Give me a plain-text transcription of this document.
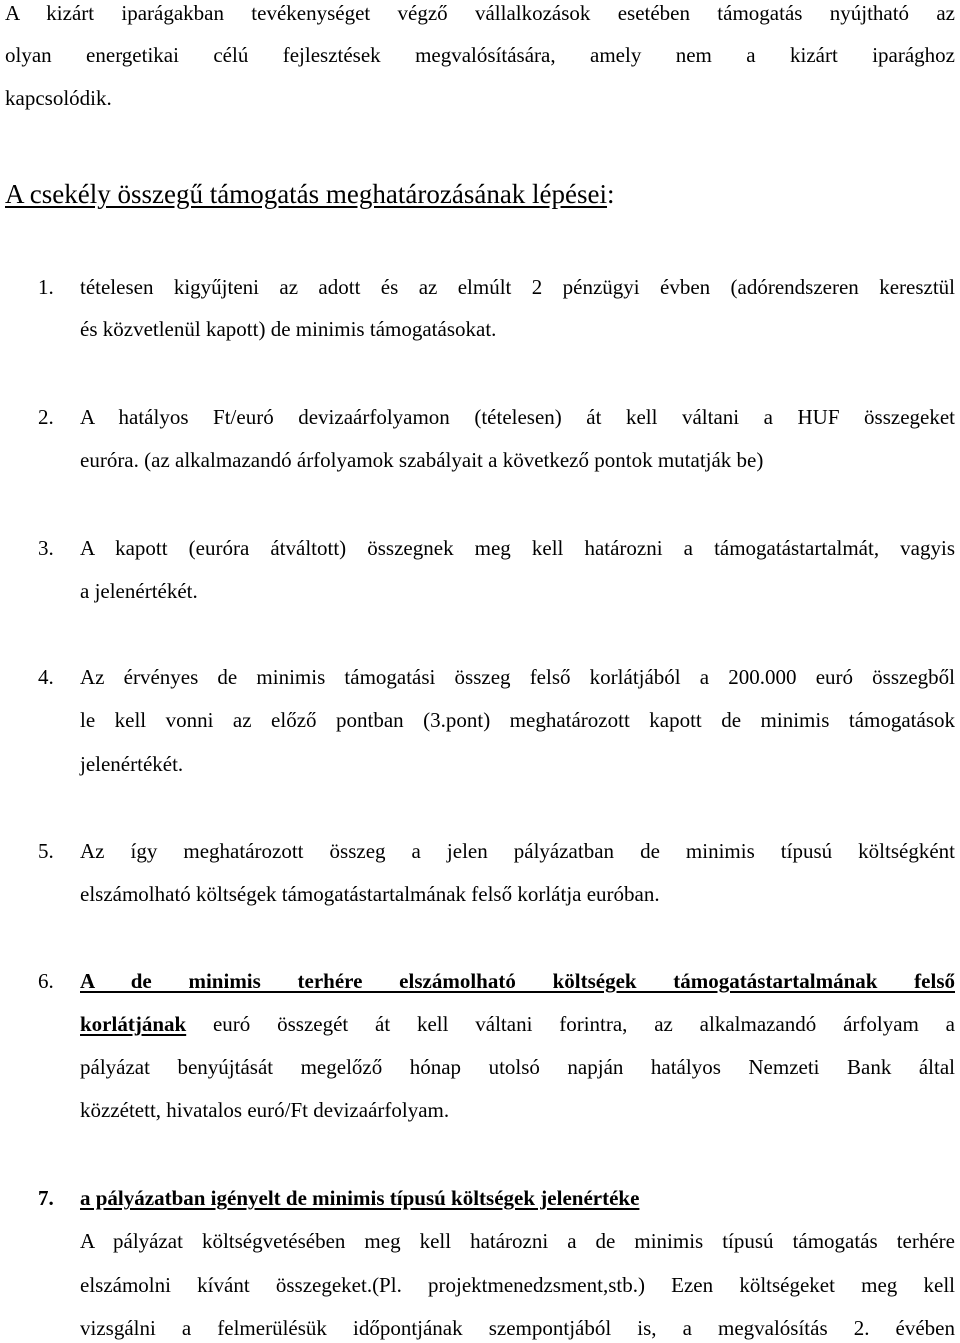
A kizárt iparágakban tevékenységet végző vállalkozások esetében támogatás nyújtható az
olyan energetikai célú fejlesztések megvalósítására, amely nem a kizárt iparághoz
kapcsolódik.
A csekély összegű támogatás meghatározásának lépései:
1. tételesen kigyűjteni az adott és az elmúlt 2 pénzügyi évben (adórendszeren keresztül
és közvetlenül kapott) de minimis támogatásokat.
2. A hatályos Ft/euró devizaárfolyamon (tételesen) át kell váltani a HUF összegeket
euróra. (az alkalmazandó árfolyamok szabályait a következő pontok mutatják be)
3. A kapott (euróra átváltott) összegnek meg kell határozni a támogatástartalmát, vagyis
a jelenértékét.
4. Az érvényes de minimis támogatási összeg felső korlátjából a 200.000 euró összegből
le kell vonni az előző pontban (3.pont) meghatározott kapott de minimis támogatások
jelenértékét.
5. Az így meghatározott összeg a jelen pályázatban de minimis típusú költségként
elszámolható költségek támogatástartalmának felső korlátja euróban.
6. A de minimis terhére elszámolható költségek támogatástartalmának felső
korlátjának euró összegét át kell váltani forintra, az alkalmazandó árfolyam a
pályázat benyújtását megelőző hónap utolsó napján hatályos Nemzeti Bank által
közzétett, hivatalos euró/Ft devizaárfolyam.
7. a pályázatban igényelt de minimis típusú költségek jelenértéke
A pályázat költségvetésében meg kell határozni a de minimis típusú támogatás terhére
elszámolni kívánt összegeket.(Pl. projektmenedzsment,stb.) Ezen költségeket meg kell
vizsgálni a felmerülésük időpontjának szempontjából is, a megvalósítás 2. évében
